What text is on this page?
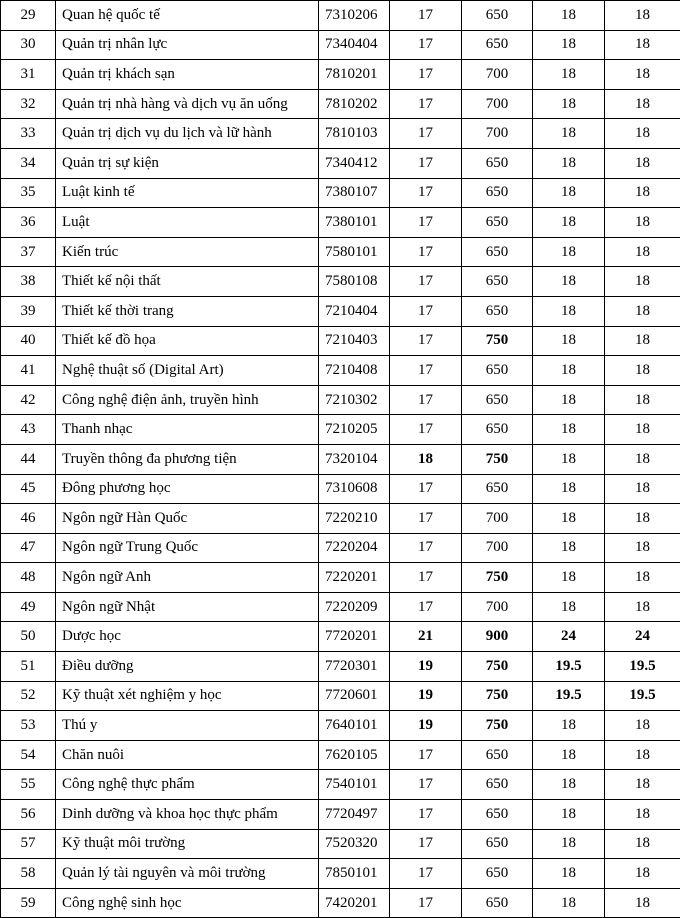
29	Quan hệ quốc tế	7310206	17	650	18	18
30	Quản trị nhân lực	7340404	17	650	18	18
31	Quản trị khách sạn	7810201	17	700	18	18
32	Quản trị nhà hàng và dịch vụ ăn uống	7810202	17	700	18	18
33	Quản trị dịch vụ du lịch và lữ hành	7810103	17	700	18	18
34	Quản trị sự kiện	7340412	17	650	18	18
35	Luật kinh tế	7380107	17	650	18	18
36	Luật	7380101	17	650	18	18
37	Kiến trúc	7580101	17	650	18	18
38	Thiết kế nội thất	7580108	17	650	18	18
39	Thiết kế thời trang	7210404	17	650	18	18
40	Thiết kế đồ họa	7210403	17	750	18	18
41	Nghệ thuật số (Digital Art)	7210408	17	650	18	18
42	Công nghệ điện ảnh, truyền hình	7210302	17	650	18	18
43	Thanh nhạc	7210205	17	650	18	18
44	Truyền thông đa phương tiện	7320104	18	750	18	18
45	Đông phương học	7310608	17	650	18	18
46	Ngôn ngữ Hàn Quốc	7220210	17	700	18	18
47	Ngôn ngữ Trung Quốc	7220204	17	700	18	18
48	Ngôn ngữ Anh	7220201	17	750	18	18
49	Ngôn ngữ Nhật	7220209	17	700	18	18
50	Dược học	7720201	21	900	24	24
51	Điều dưỡng	7720301	19	750	19.5	19.5
52	Kỹ thuật xét nghiệm y học	7720601	19	750	19.5	19.5
53	Thú y	7640101	19	750	18	18
54	Chăn nuôi	7620105	17	650	18	18
55	Công nghệ thực phẩm	7540101	17	650	18	18
56	Dinh dưỡng và khoa học thực phẩm	7720497	17	650	18	18
57	Kỹ thuật môi trường	7520320	17	650	18	18
58	Quản lý tài nguyên và môi trường	7850101	17	650	18	18
59	Công nghệ sinh học	7420201	17	650	18	18
